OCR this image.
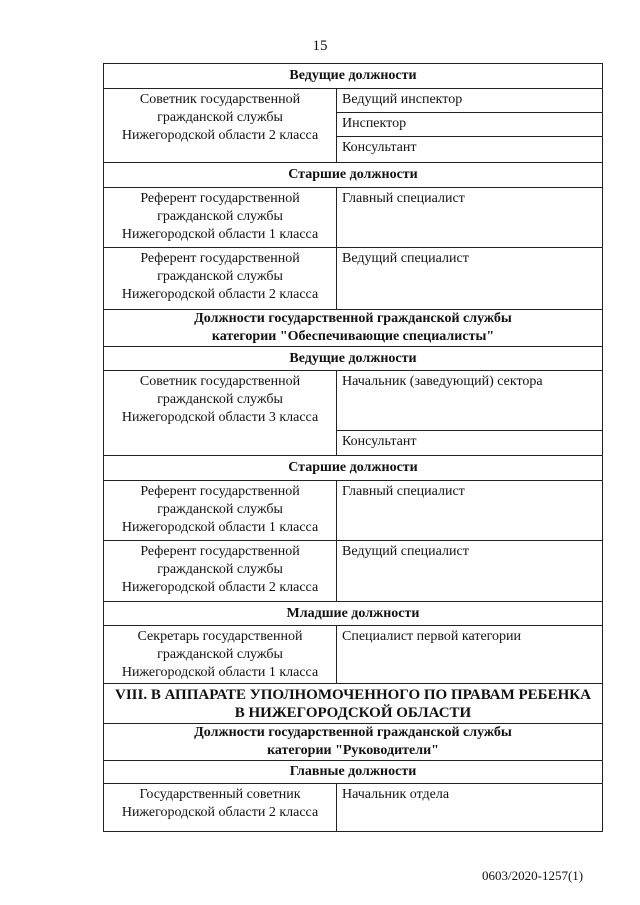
15
Ведущие должности	

Советник государственной
гражданской службы
Нижегородской области 2 класса	Ведущий инспектор
	Инспектор
	Консультант
Старшие должности	

Референт государственной
гражданской службы
Нижегородской области 1 класса	Главный специалист

Референт государственной
гражданской службы
Нижегородской области 2 класса	Ведущий специалист

Должности государственной гражданской службы
категории "Обеспечивающие специалисты"	

Ведущие должности	

Советник государственной
гражданской службы
Нижегородской области 3 класса	Начальник (заведующий) сектора
	Консультант
Старшие должности	

Референт государственной
гражданской службы
Нижегородской области 1 класса	Главный специалист

Референт государственной
гражданской службы
Нижегородской области 2 класса	Ведущий специалист
Младшие должности	

Секретарь государственной
гражданской службы
Нижегородской области 1 класса	Специалист первой категории

VIII. В АППАРАТЕ УПОЛНОМОЧЕННОГО ПО ПРАВАМ РЕБЕНКА
В НИЖЕГОРОДСКОЙ ОБЛАСТИ	

Должности государственной гражданской службы
категории "Руководители"	

Главные должности	

Государственный советник
Нижегородской области 2 класса	Начальник отдела
0603/2020-1257(1)
